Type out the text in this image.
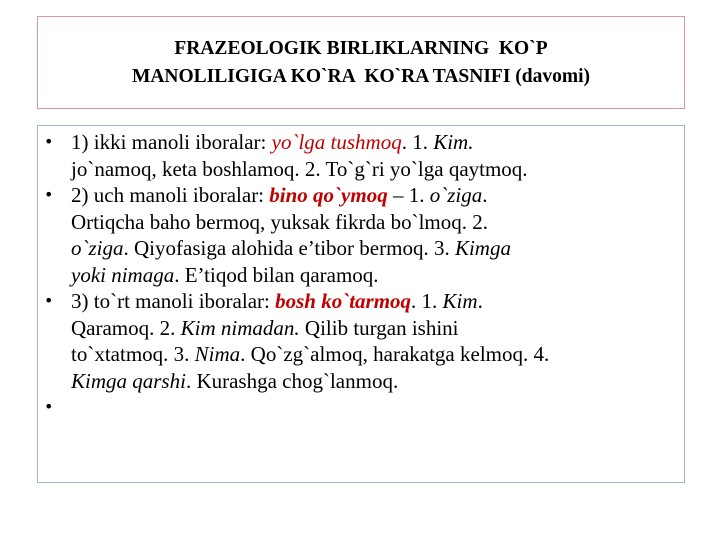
FRAZEOLOGIK BIRLIKLARNING  KO`P
MANOLILIGIGA KO`RA  KO`RA TASNIFI (davomi)
• 1) ikki manoli iboralar: yo`lga tushmoq. 1. Kim.
jo`namoq, keta boshlamoq. 2. To`g`ri yo`lga qaytmoq.
• 2) uch manoli iboralar: bino qo`ymoq – 1. o`ziga.
Ortiqcha baho bermoq, yuksak fikrda bo`lmoq. 2.
o`ziga. Qiyofasiga alohida e’tibor bermoq. 3. Kimga
yoki nimaga. E’tiqod bilan qaramoq.
• 3) to`rt manoli iboralar: bosh ko`tarmoq. 1. Kim.
Qaramoq. 2. Kim nimadan. Qilib turgan ishini
to`xtatmoq. 3. Nima. Qo`zg`almoq, harakatga kelmoq. 4.
Kimga qarshi. Kurashga chog`lanmoq.
•
